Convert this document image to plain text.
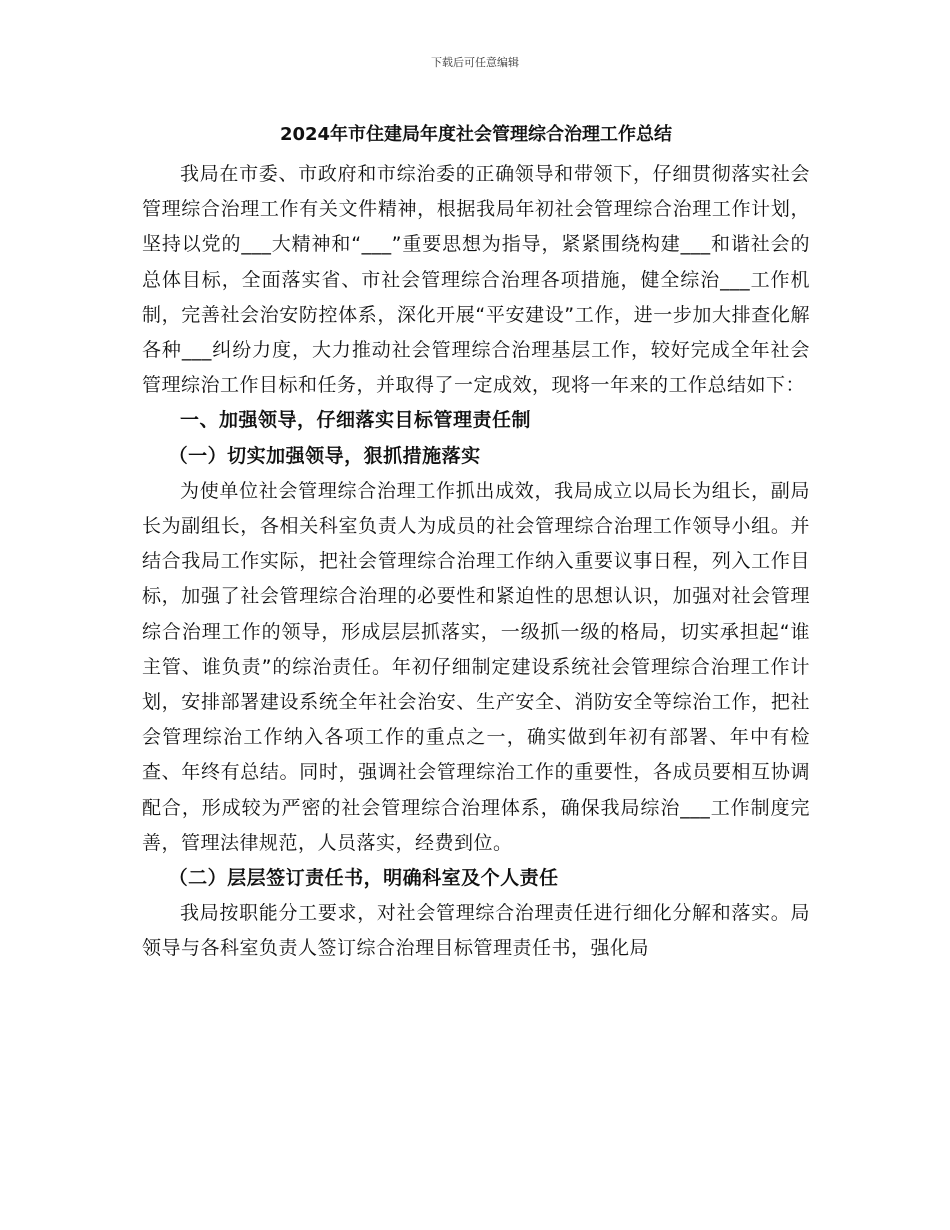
下载后可任意编辑
2024年市住建局年度社会管理综合治理工作总结

我局在市委、市政府和市综治委的正确领导和带领下，仔细贯彻落实社会管理综合治理工作有关文件精神，根据我局年初社会管理综合治理工作计划，坚持以党的___大精神和“___”重要思想为指导，紧紧围绕构建___和谐社会的总体目标，全面落实省、市社会管理综合治理各项措施，健全综治___工作机制，完善社会治安防控体系，深化开展“平安建设”工作，进一步加大排查化解各种___纠纷力度，大力推动社会管理综合治理基层工作，较好完成全年社会管理综治工作目标和任务，并取得了一定成效，现将一年来的工作总结如下：

一、加强领导，仔细落实目标管理责任制
（一）切实加强领导，狠抓措施落实

为使单位社会管理综合治理工作抓出成效，我局成立以局长为组长，副局长为副组长，各相关科室负责人为成员的社会管理综合治理工作领导小组。并结合我局工作实际，把社会管理综合治理工作纳入重要议事日程，列入工作目标，加强了社会管理综合治理的必要性和紧迫性的思想认识，加强对社会管理综合治理工作的领导，形成层层抓落实，一级抓一级的格局，切实承担起“谁主管、谁负责”的综治责任。年初仔细制定建设系统社会管理综合治理工作计划，安排部署建设系统全年社会治安、生产安全、消防安全等综治工作，把社会管理综治工作纳入各项工作的重点之一，确实做到年初有部署、年中有检查、年终有总结。同时，强调社会管理综治工作的重要性，各成员要相互协调配合，形成较为严密的社会管理综合治理体系，确保我局综治___工作制度完善，管理法律规范，人员落实，经费到位。

（二）层层签订责任书，明确科室及个人责任

我局按职能分工要求，对社会管理综合治理责任进行细化分解和落实。局领导与各科室负责人签订综合治理目标管理责任书，强化局
